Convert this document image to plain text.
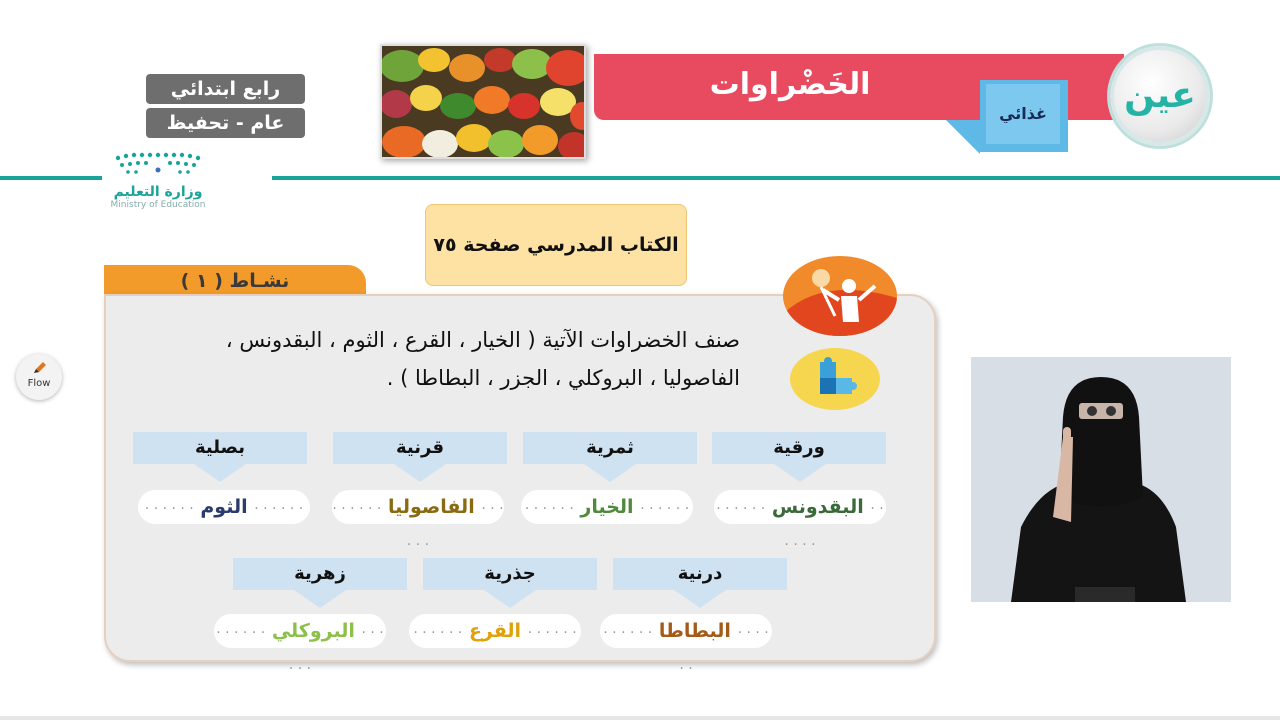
رابع ابتدائي
عام - تحفيظ
وزارة التعليم
Ministry of Education
الخَضْراوات
غذائي	عين
الكتاب المدرسي صفحة ٧٥
نشـاط ( ١ )
صنف الخضراوات الآتية ( الخيار ، القرع ، الثوم ، البقدونس ،
الفاصوليا ، البروكلي ، الجزر ، البطاطا ) .
ورقية
ثمرية
قرنية
بصلية
· · · · · · البقدونس · · · · · ·
· · · · · · الخيار · · · · · ·
· · · · · · الفاصوليا · · · · · ·
· · · · · · الثوم · · · · · ·
درنية
جذرية
زهرية
· · · · · · البطاطا · · · · · ·
· · · · · · القرع · · · · · ·
· · · · · · البروكلي · · · · · ·
Flow
